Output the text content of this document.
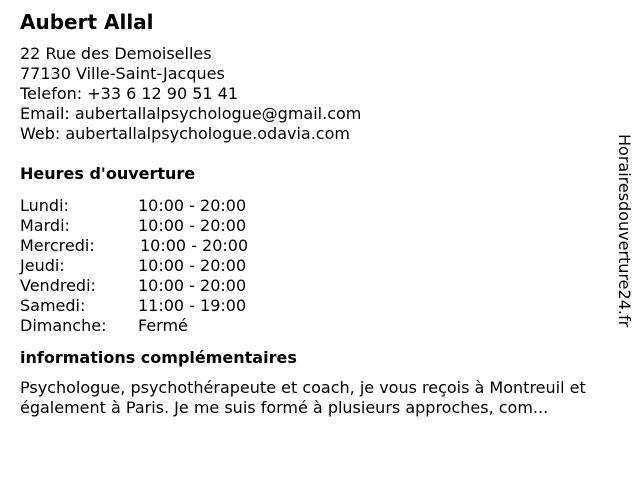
Aubert Allal
22 Rue des Demoiselles
77130 Ville-Saint-Jacques
Telefon: +33 6 12 90 51 41
Email: aubertallalpsychologue@gmail.com
Web: aubertallalpsychologue.odavia.com
Heures d'ouverture
Lundi:	10:00 - 20:00
Mardi:	10:00 - 20:00
Mercredi:	10:00 - 20:00
Jeudi:	10:00 - 20:00
Vendredi:	10:00 - 20:00
Samedi:	11:00 - 19:00
Dimanche:	Fermé
informations complémentaires
Psychologue, psychothérapeute et coach, je vous reçois à Montreuil et également à Paris. Je me suis formé à plusieurs approches, com...
Horairesdouverture24.fr
